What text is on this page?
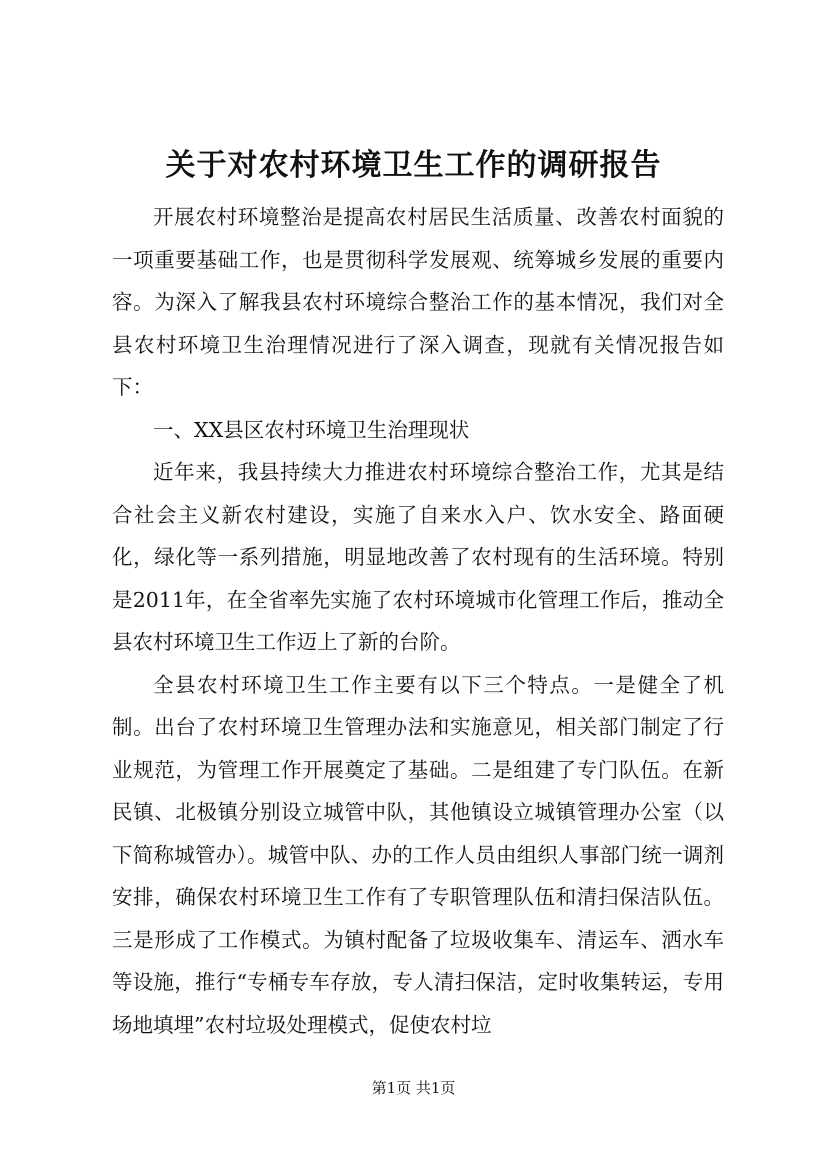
关于对农村环境卫生工作的调研报告

开展农村环境整治是提高农村居民生活质量、改善农村面貌的一项重要基础工作，也是贯彻科学发展观、统筹城乡发展的重要内容。为深入了解我县农村环境综合整治工作的基本情况，我们对全县农村环境卫生治理情况进行了深入调查，现就有关情况报告如下：

一、XX县区农村环境卫生治理现状

近年来，我县持续大力推进农村环境综合整治工作，尤其是结合社会主义新农村建设，实施了自来水入户、饮水安全、路面硬化，绿化等一系列措施，明显地改善了农村现有的生活环境。特别是2011年，在全省率先实施了农村环境城市化管理工作后，推动全县农村环境卫生工作迈上了新的台阶。

全县农村环境卫生工作主要有以下三个特点。一是健全了机制。出台了农村环境卫生管理办法和实施意见，相关部门制定了行业规范，为管理工作开展奠定了基础。二是组建了专门队伍。在新民镇、北极镇分别设立城管中队，其他镇设立城镇管理办公室（以下简称城管办）。城管中队、办的工作人员由组织人事部门统一调剂安排，确保农村环境卫生工作有了专职管理队伍和清扫保洁队伍。三是形成了工作模式。为镇村配备了垃圾收集车、清运车、洒水车等设施，推行“专桶专车存放，专人清扫保洁，定时收集转运，专用场地填埋”农村垃圾处理模式，促使农村垃

第1页 共1页
